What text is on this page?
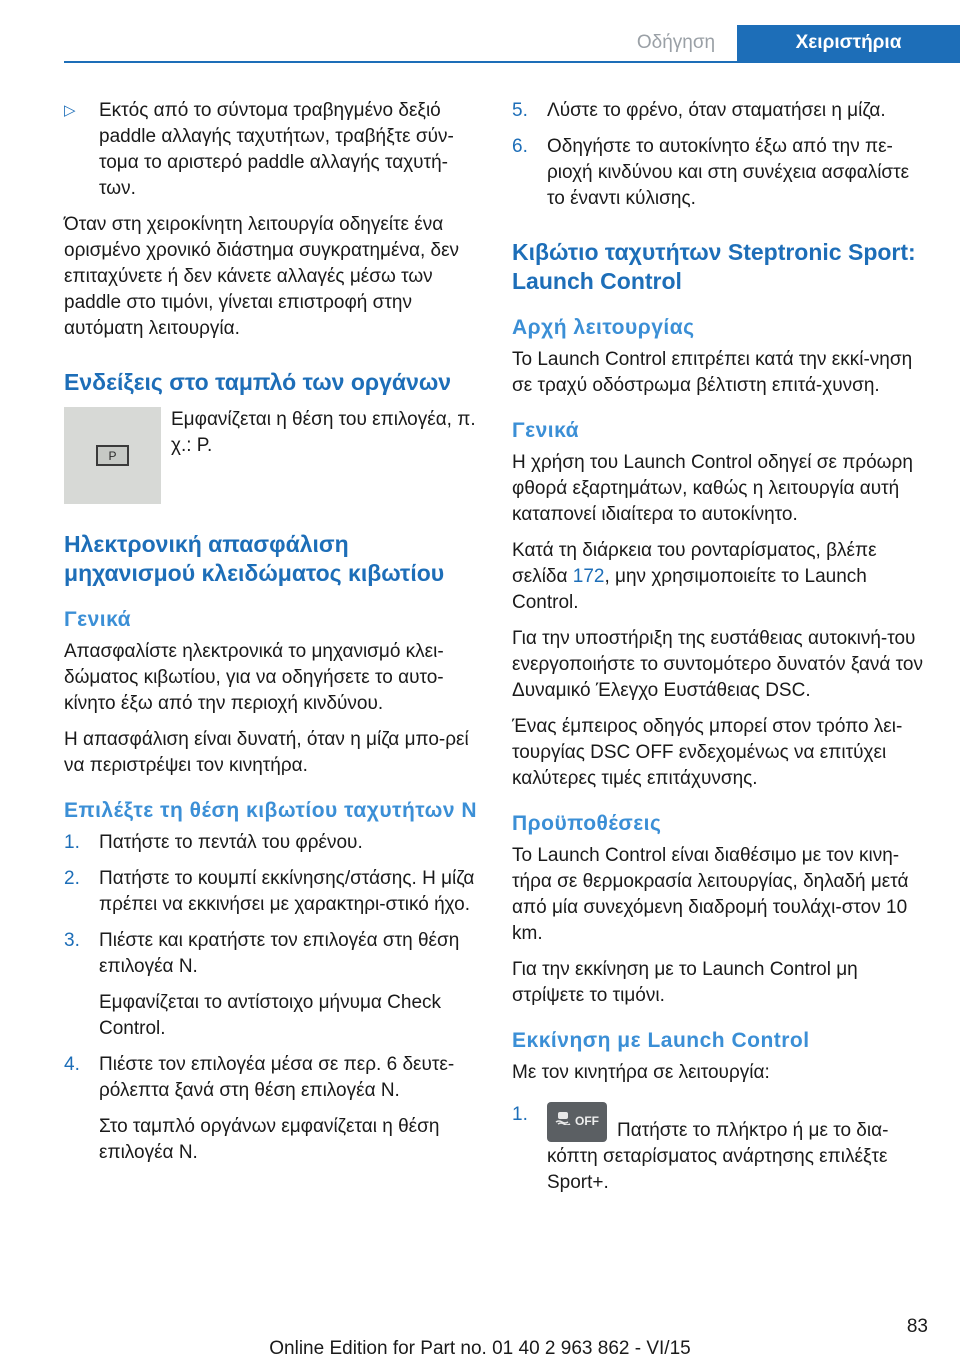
Οδήγηση	Χειριστήρια
▷ Εκτός από το σύντομα τραβηγμένο δεξιό paddle αλλαγής ταχυτήτων, τραβήξτε σύν‐τομα το αριστερό paddle αλλαγής ταχυτή‐των.

Όταν στη χειροκίνητη λειτουργία οδηγείτε ένα ορισμένο χρονικό διάστημα συγκρατημένα, δεν επιταχύνετε ή δεν κάνετε αλλαγές μέσω των paddle στο τιμόνι, γίνεται επιστροφή στην αυτόματη λειτουργία.

Ενδείξεις στο ταμπλό των οργάνων
P
Εμφανίζεται η θέση του επιλογέα, π. χ.: P.
Ηλεκτρονική απασφάλιση μηχανισμού κλειδώματος κιβωτίου
Γενικά

Απασφαλίστε ηλεκτρονικά το μηχανισμό κλει‐δώματος κιβωτίου, για να οδηγήσετε το αυτο‐κίνητο έξω από την περιοχή κινδύνου.

Η απασφάλιση είναι δυνατή, όταν η μίζα μπο‐ρεί να περιστρέψει τον κινητήρα.

Επιλέξτε τη θέση κιβωτίου ταχυτήτων N
1. Πατήστε το πεντάλ του φρένου.
2. Πατήστε το κουμπί εκκίνησης/στάσης. Η μίζα πρέπει να εκκινήσει με χαρακτηρι‐στικό ήχο.
3. Πιέστε και κρατήστε τον επιλογέα στη θέση επιλογέα N.

Εμφανίζεται το αντίστοιχο μήνυμα Check Control.

4. Πιέστε τον επιλογέα μέσα σε περ. 6 δευτε‐ρόλεπτα ξανά στη θέση επιλογέα N.

Στο ταμπλό οργάνων εμφανίζεται η θέση επιλογέα N.

5. Λύστε το φρένο, όταν σταματήσει η μίζα.
6. Οδηγήστε το αυτοκίνητο έξω από την πε‐ριοχή κινδύνου και στη συνέχεια ασφαλίστε το έναντι κύλισης.
Κιβώτιο ταχυτήτων Steptronic Sport: Launch Control
Αρχή λειτουργίας

Το Launch Control επιτρέπει κατά την εκκί‐νηση σε τραχύ οδόστρωμα βέλτιστη επιτά‐χυνση.

Γενικά

Η χρήση του Launch Control οδηγεί σε πρόωρη φθορά εξαρτημάτων, καθώς η λειτουργία αυτή καταπονεί ιδιαίτερα το αυτοκίνητο.

Κατά τη διάρκεια του ρονταρίσματος, βλέπε σελίδα 172, μην χρησιμοποιείτε το Launch Control.

Για την υποστήριξη της ευστάθειας αυτοκινή‐του ενεργοποιήστε το συντομότερο δυνατόν ξανά τον Δυναμικό Έλεγχο Ευστάθειας DSC.

Ένας έμπειρος οδηγός μπορεί στον τρόπο λει‐τουργίας DSC OFF ενδεχομένως να επιτύχει καλύτερες τιμές επιτάχυνσης.

Προϋποθέσεις

Το Launch Control είναι διαθέσιμο με τον κινη‐τήρα σε θερμοκρασία λειτουργίας, δηλαδή μετά από μία συνεχόμενη διαδρομή τουλάχι‐στον 10 km.

Για την εκκίνηση με το Launch Control μη στρίψετε το τιμόνι.

Εκκίνηση με Launch Control

Με τον κινητήρα σε λειτουργία:

1.	OFF Πατήστε το πλήκτρο ή με το δια‐κόπτη σεταρίσματος ανάρτησης επιλέξτε Sport+.
83
Online Edition for Part no. 01 40 2 963 862 - VI/15
